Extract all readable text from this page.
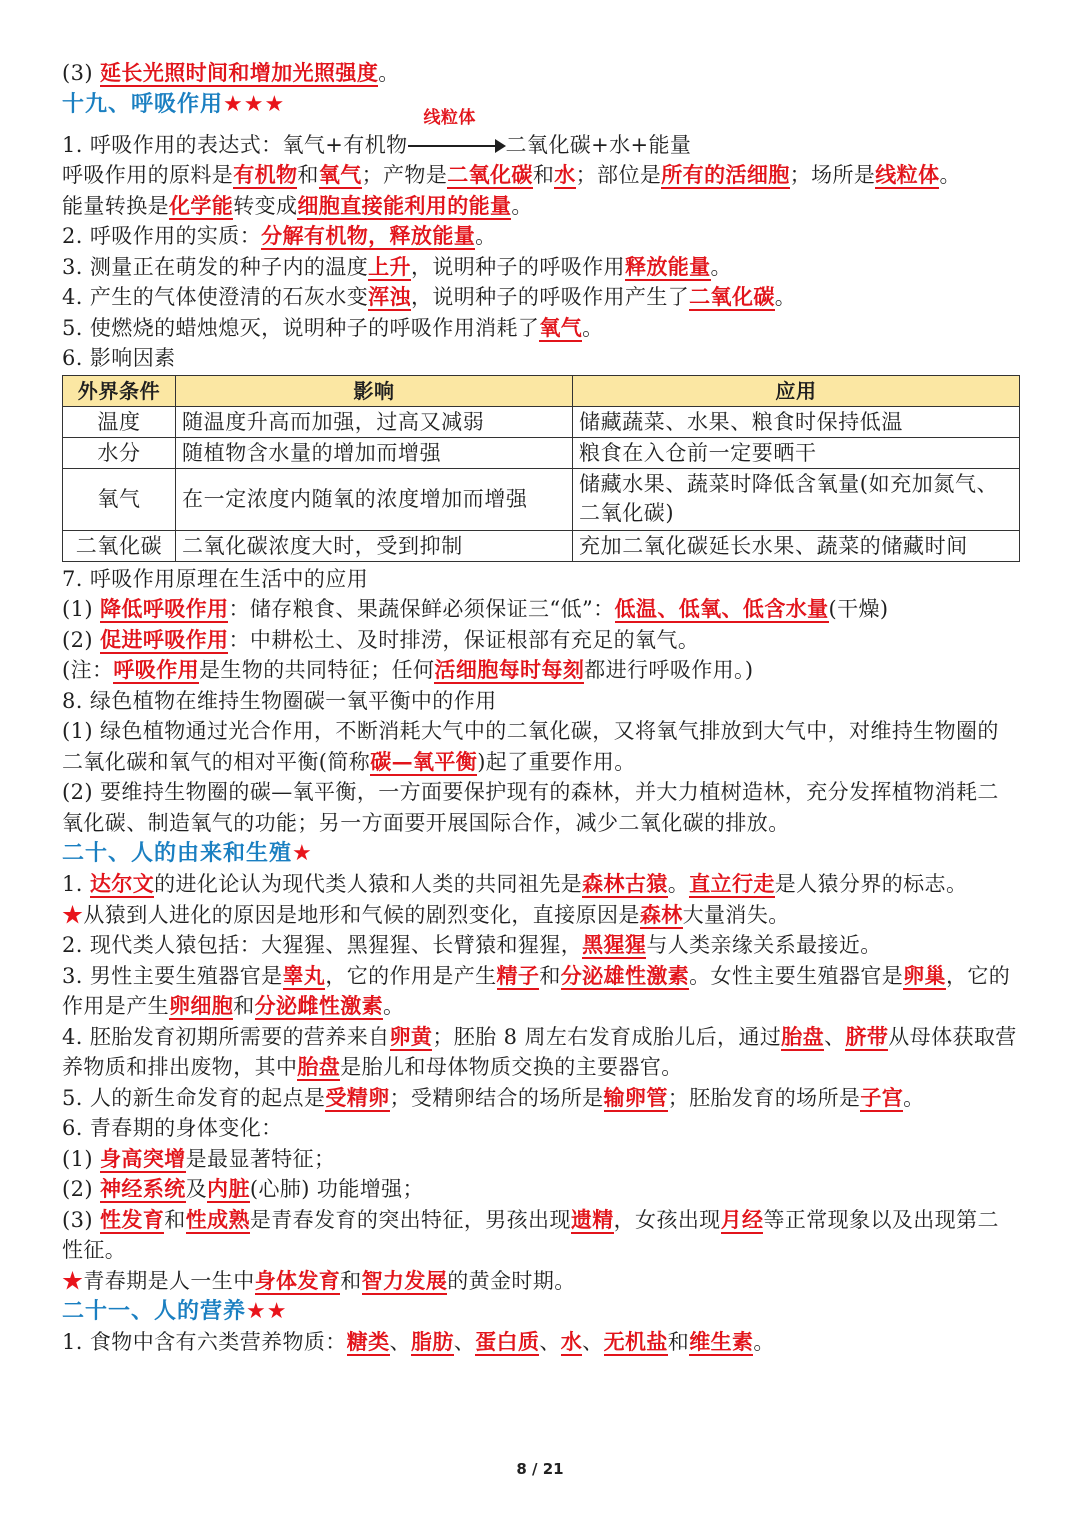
(3) 延长光照时间和增加光照强度。
十九、呼吸作用★★★
1. 呼吸作用的表达式：氧气+有机物
线粒体
二氧化碳+水+能量
呼吸作用的原料是有机物和氧气；产物是二氧化碳和水；部位是所有的活细胞；场所是线粒体。
能量转换是化学能转变成细胞直接能利用的能量。
2. 呼吸作用的实质：分解有机物，释放能量。
3. 测量正在萌发的种子内的温度上升，说明种子的呼吸作用释放能量。
4. 产生的气体使澄清的石灰水变浑浊，说明种子的呼吸作用产生了二氧化碳。
5. 使燃烧的蜡烛熄灭，说明种子的呼吸作用消耗了氧气。
6. 影响因素
外界条件	影响	应用
温度	随温度升高而加强，过高又减弱	储藏蔬菜、水果、粮食时保持低温
水分	随植物含水量的增加而增强	粮食在入仓前一定要晒干
氧气	在一定浓度内随氧的浓度增加而增强	储藏水果、蔬菜时降低含氧量(如充加氮气、二氧化碳)
二氧化碳	二氧化碳浓度大时，受到抑制	充加二氧化碳延长水果、蔬菜的储藏时间
7. 呼吸作用原理在生活中的应用
(1) 降低呼吸作用：储存粮食、果蔬保鲜必须保证三“低”：低温、低氧、低含水量(干燥)
(2) 促进呼吸作用：中耕松土、及时排涝，保证根部有充足的氧气。
(注：呼吸作用是生物的共同特征；任何活细胞每时每刻都进行呼吸作用。)
8. 绿色植物在维持生物圈碳一氧平衡中的作用
(1) 绿色植物通过光合作用，不断消耗大气中的二氧化碳，又将氧气排放到大气中，对维持生物圈的二氧化碳和氧气的相对平衡(简称碳—氧平衡)起了重要作用。
(2) 要维持生物圈的碳—氧平衡，一方面要保护现有的森林，并大力植树造林，充分发挥植物消耗二氧化碳、制造氧气的功能；另一方面要开展国际合作，减少二氧化碳的排放。
二十、人的由来和生殖★
1. 达尔文的进化论认为现代类人猿和人类的共同祖先是森林古猿。直立行走是人猿分界的标志。
★从猿到人进化的原因是地形和气候的剧烈变化，直接原因是森林大量消失。
2. 现代类人猿包括：大猩猩、黑猩猩、长臂猿和猩猩，黑猩猩与人类亲缘关系最接近。
3. 男性主要生殖器官是睾丸，它的作用是产生精子和分泌雄性激素。女性主要生殖器官是卵巢，它的作用是产生卵细胞和分泌雌性激素。
4. 胚胎发育初期所需要的营养来自卵黄；胚胎 8 周左右发育成胎儿后，通过胎盘、脐带从母体获取营养物质和排出废物，其中胎盘是胎儿和母体物质交换的主要器官。
5. 人的新生命发育的起点是受精卵；受精卵结合的场所是输卵管；胚胎发育的场所是子宫。
6. 青春期的身体变化：
(1) 身高突增是最显著特征；
(2) 神经系统及内脏(心肺) 功能增强；
(3) 性发育和性成熟是青春发育的突出特征，男孩出现遗精，女孩出现月经等正常现象以及出现第二性征。
★青春期是人一生中身体发育和智力发展的黄金时期。
二十一、人的营养★★
1. 食物中含有六类营养物质：糖类、脂肪、蛋白质、水、无机盐和维生素。
8 / 21
